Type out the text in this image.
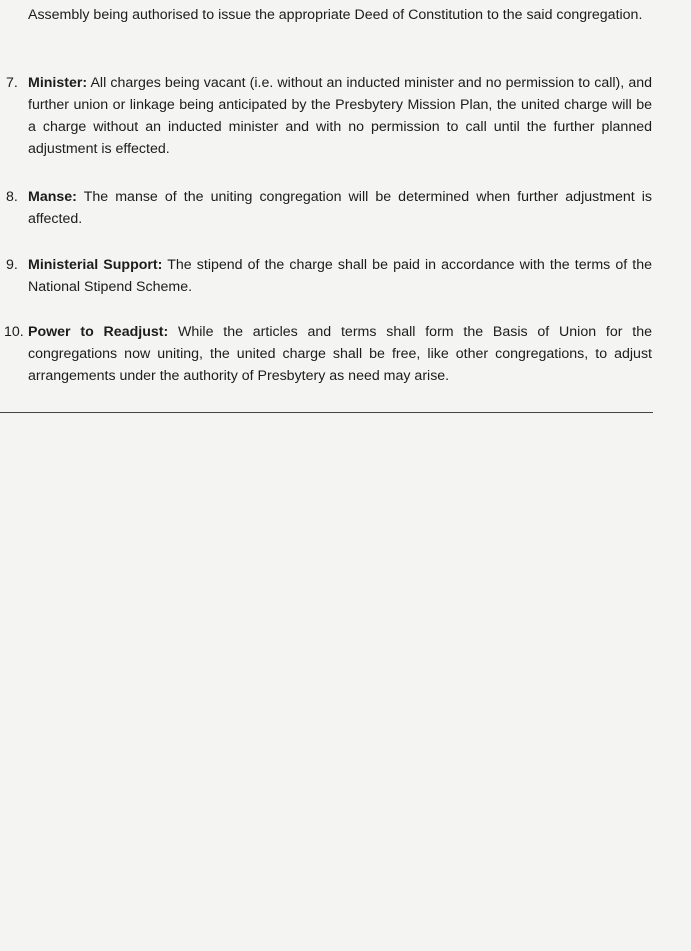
Assembly being authorised to issue the appropriate Deed of Constitution to the said congregation.
7. Minister: All charges being vacant (i.e. without an inducted minister and no permission to call), and further union or linkage being anticipated by the Presbytery Mission Plan, the united charge will be a charge without an inducted minister and with no permission to call until the further planned adjustment is effected.
8. Manse: The manse of the uniting congregation will be determined when further adjustment is affected.
9. Ministerial Support: The stipend of the charge shall be paid in accordance with the terms of the National Stipend Scheme.
10. Power to Readjust: While the articles and terms shall form the Basis of Union for the congregations now uniting, the united charge shall be free, like other congregations, to adjust arrangements under the authority of Presbytery as need may arise.
